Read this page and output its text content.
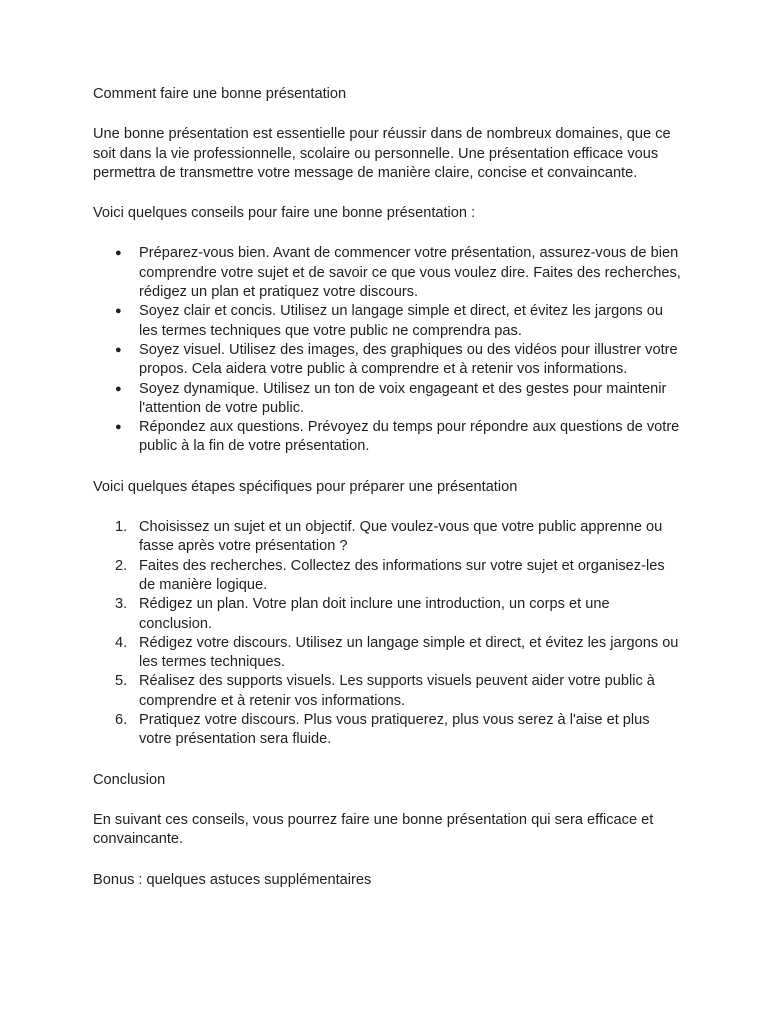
Comment faire une bonne présentation

Une bonne présentation est essentielle pour réussir dans de nombreux domaines, que ce soit dans la vie professionnelle, scolaire ou personnelle. Une présentation efficace vous permettra de transmettre votre message de manière claire, concise et convaincante.

Voici quelques conseils pour faire une bonne présentation :

● Préparez-vous bien. Avant de commencer votre présentation, assurez-vous de bien comprendre votre sujet et de savoir ce que vous voulez dire. Faites des recherches, rédigez un plan et pratiquez votre discours.
● Soyez clair et concis. Utilisez un langage simple et direct, et évitez les jargons ou les termes techniques que votre public ne comprendra pas.
● Soyez visuel. Utilisez des images, des graphiques ou des vidéos pour illustrer votre propos. Cela aidera votre public à comprendre et à retenir vos informations.
● Soyez dynamique. Utilisez un ton de voix engageant et des gestes pour maintenir l'attention de votre public.
● Répondez aux questions. Prévoyez du temps pour répondre aux questions de votre public à la fin de votre présentation.

Voici quelques étapes spécifiques pour préparer une présentation

Choisissez un sujet et un objectif. Que voulez-vous que votre public apprenne ou fasse après votre présentation ?
Faites des recherches. Collectez des informations sur votre sujet et organisez-les de manière logique.
Rédigez un plan. Votre plan doit inclure une introduction, un corps et une conclusion.
Rédigez votre discours. Utilisez un langage simple et direct, et évitez les jargons ou les termes techniques.
Réalisez des supports visuels. Les supports visuels peuvent aider votre public à comprendre et à retenir vos informations.
Pratiquez votre discours. Plus vous pratiquerez, plus vous serez à l'aise et plus votre présentation sera fluide.

Conclusion

En suivant ces conseils, vous pourrez faire une bonne présentation qui sera efficace et convaincante.

Bonus : quelques astuces supplémentaires
